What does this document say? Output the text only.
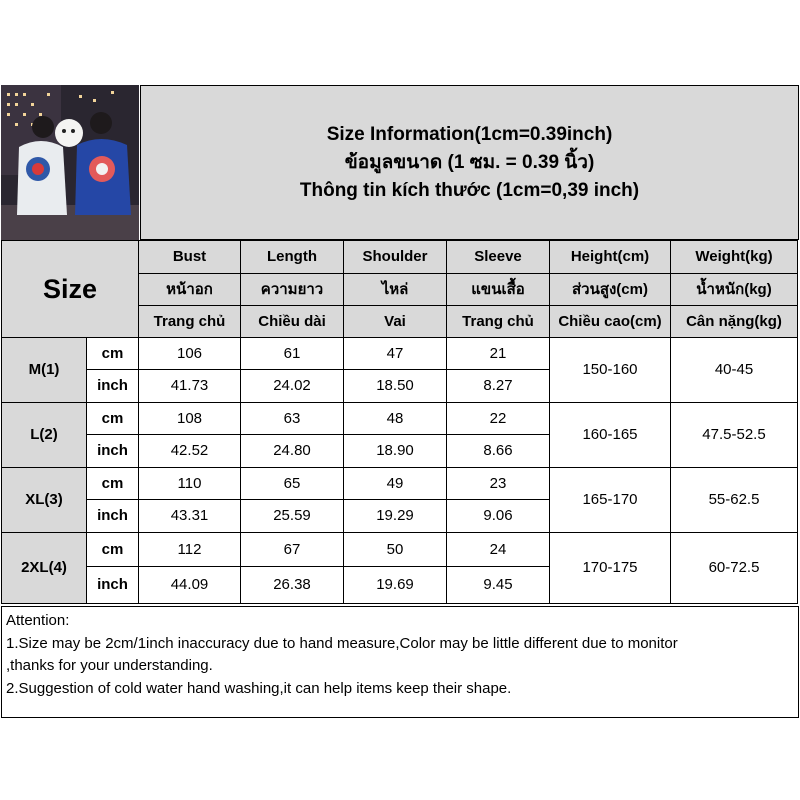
Size Information(1cm=0.39inch)
ข้อมูลขนาด (1 ซม. = 0.39 นิ้ว)
Thông tin kích thước (1cm=0,39 inch)
Size		Bust	Length	Shoulder	Sleeve	Height(cm)	Weight(kg)
		หน้าอก	ความยาว	ไหล่	แขนเสื้อ	ส่วนสูง(cm)	น้ำหนัก(kg)
		Trang chủ	Chiều dài	Vai	Trang chủ	Chiều cao(cm)	Cân nặng(kg)
M(1)	cm	106	61	47	21	150-160	40-45
	inch	41.73	24.02	18.50	8.27		
L(2)	cm	108	63	48	22	160-165	47.5-52.5
	inch	42.52	24.80	18.90	8.66		
XL(3)	cm	110	65	49	23	165-170	55-62.5
	inch	43.31	25.59	19.29	9.06		
2XL(4)	cm	112	67	50	24	170-175	60-72.5
	inch	44.09	26.38	19.69	9.45		
Attention:
1.Size may be 2cm/1inch inaccuracy due to hand measure,Color may be little different due to monitor
,thanks for your understanding.
2.Suggestion of cold water hand washing,it can help items keep their shape.
